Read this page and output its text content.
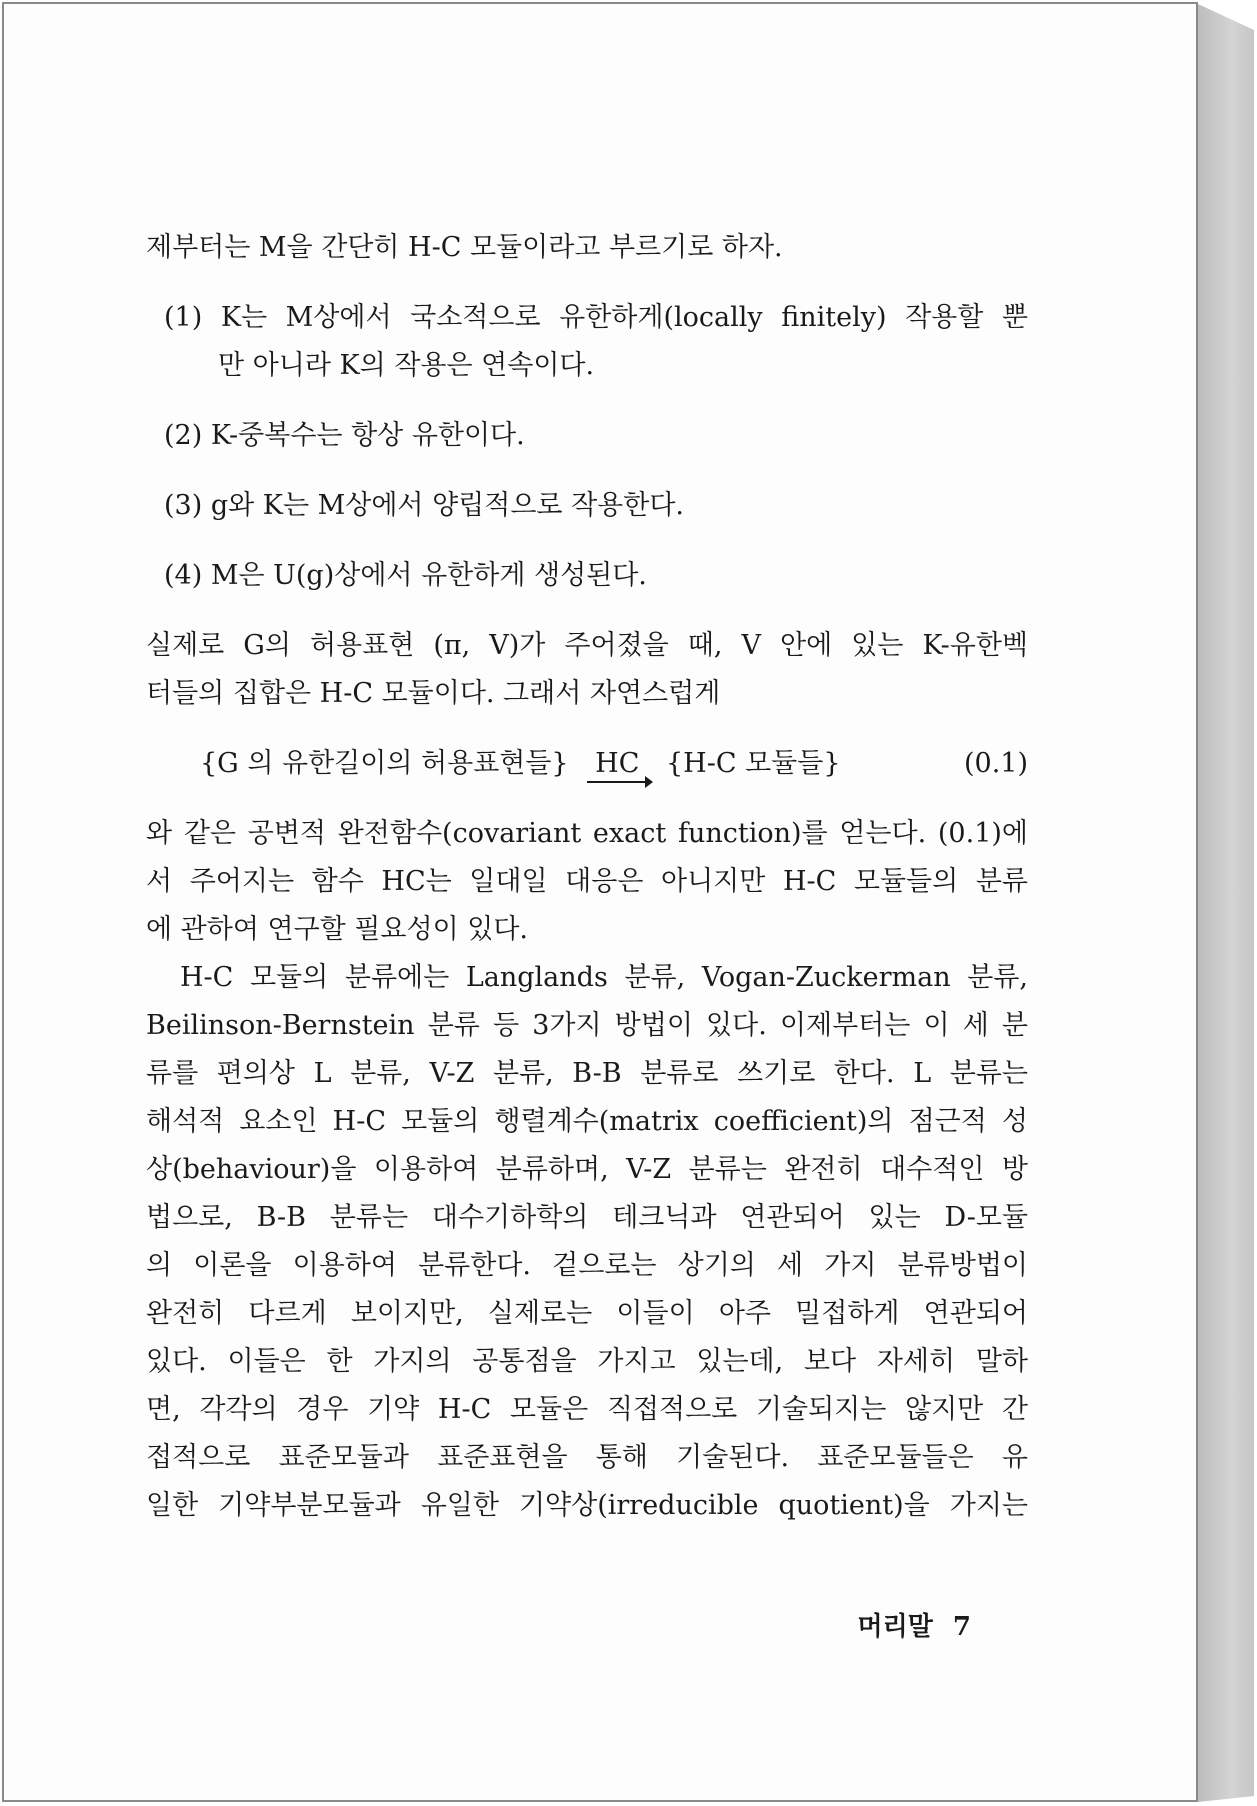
제부터는 M을 간단히 H-C 모듈이라고 부르기로 하자.
(1) K는 M상에서 국소적으로 유한하게(locally finitely) 작용할 뿐
만 아니라 K의 작용은 연속이다.
(2) K-중복수는 항상 유한이다.
(3) g와 K는 M상에서 양립적으로 작용한다.
(4) M은 U(g)상에서 유한하게 생성된다.
실제로 G의 허용표현 (π, V)가 주어졌을 때, V 안에 있는 K-유한벡
터들의 집합은 H-C 모듈이다. 그래서 자연스럽게
{G 의 유한길이의 허용표현들} HC {H-C 모듈들}	(0.1)
와 같은 공변적 완전함수(covariant exact function)를 얻는다. (0.1)에
서 주어지는 함수 HC는 일대일 대응은 아니지만 H-C 모듈들의 분류
에 관하여 연구할 필요성이 있다.
H-C 모듈의 분류에는 Langlands 분류, Vogan-Zuckerman 분류,
Beilinson-Bernstein 분류 등 3가지 방법이 있다. 이제부터는 이 세 분
류를 편의상 L 분류, V-Z 분류, B-B 분류로 쓰기로 한다. L 분류는
해석적 요소인 H-C 모듈의 행렬계수(matrix coefficient)의 점근적 성
상(behaviour)을 이용하여 분류하며, V-Z 분류는 완전히 대수적인 방
법으로, B-B 분류는 대수기하학의 테크닉과 연관되어 있는 D-모듈
의 이론을 이용하여 분류한다. 겉으로는 상기의 세 가지 분류방법이
완전히 다르게 보이지만, 실제로는 이들이 아주 밀접하게 연관되어
있다. 이들은 한 가지의 공통점을 가지고 있는데, 보다 자세히 말하
면, 각각의 경우 기약 H-C 모듈은 직접적으로 기술되지는 않지만 간
접적으로 표준모듈과 표준표현을 통해 기술된다. 표준모듈들은 유
일한 기약부분모듈과 유일한 기약상(irreducible quotient)을 가지는
머리말 7
